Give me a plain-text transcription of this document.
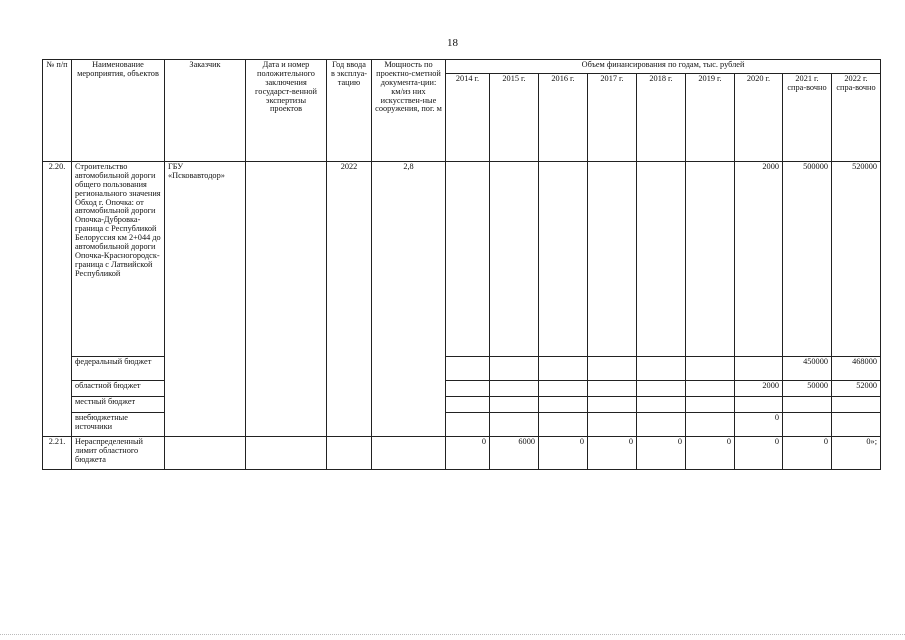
18
№ п/п	Наименование мероприятия, объектов	Заказчик	Дата и номер положительного заключения государст-венной экспертизы проектов	Год ввода в эксплуа-тацию	Мощность по проектно-сметной документа-ции: км/из них искусствен-ные сооружения, пог. м	Объем финансирования по годам, тыс. рублей								
						2014 г.	2015 г.	2016 г.	2017 г.	2018 г.	2019 г.	2020 г.	2021 г. спра-вочно	2022 г. спра-вочно
2.20.	Строительство автомобильной дороги общего пользования регионального значения Обход г. Опочка: от автомобильной дороги Опочка-Дубровка-граница с Республикой Белоруссия км 2+044 до автомобильной дороги Опочка-Красногородск-граница с Латвийской Республикой	ГБУ «Псковавтодор»		2022	2,8							2000	500000	520000
	федеральный бюджет												450000	468000
	областной бюджет											2000	50000	52000
	местный бюджет													
	внебюджетные источники											0		
2.21.	Нераспределенный лимит областного бюджета					0	6000	0	0	0	0	0	0	0»;
